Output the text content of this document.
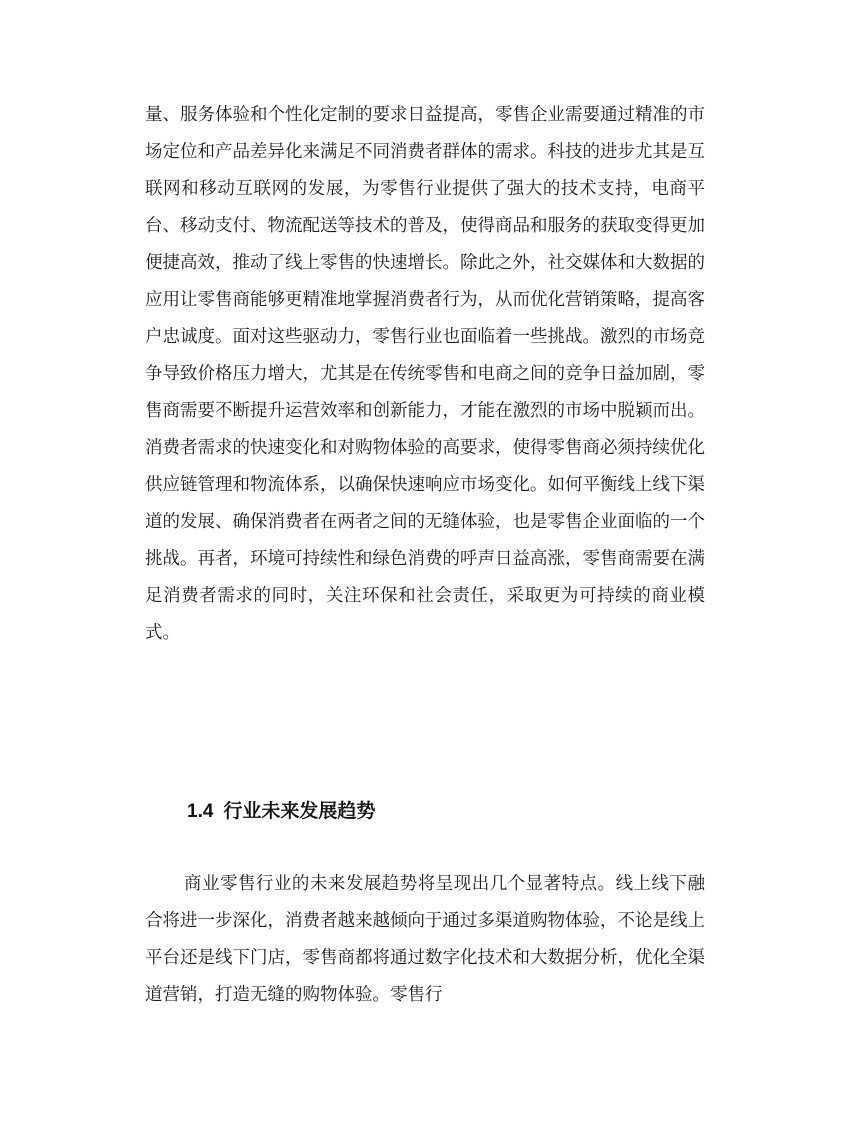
量、服务体验和个性化定制的要求日益提高，零售企业需要通过精准的市场定位和产品差异化来满足不同消费者群体的需求。科技的进步尤其是互联网和移动互联网的发展，为零售行业提供了强大的技术支持，电商平台、移动支付、物流配送等技术的普及，使得商品和服务的获取变得更加便捷高效，推动了线上零售的快速增长。除此之外，社交媒体和大数据的应用让零售商能够更精准地掌握消费者行为，从而优化营销策略，提高客户忠诚度。面对这些驱动力，零售行业也面临着一些挑战。激烈的市场竞争导致价格压力增大，尤其是在传统零售和电商之间的竞争日益加剧，零售商需要不断提升运营效率和创新能力，才能在激烈的市场中脱颖而出。消费者需求的快速变化和对购物体验的高要求，使得零售商必须持续优化供应链管理和物流体系，以确保快速响应市场变化。如何平衡线上线下渠道的发展、确保消费者在两者之间的无缝体验，也是零售企业面临的一个挑战。再者，环境可持续性和绿色消费的呼声日益高涨，零售商需要在满足消费者需求的同时，关注环保和社会责任，采取更为可持续的商业模式。

1.4 行业未来发展趋势

商业零售行业的未来发展趋势将呈现出几个显著特点。线上线下融合将进一步深化，消费者越来越倾向于通过多渠道购物体验，不论是线上平台还是线下门店，零售商都将通过数字化技术和大数据分析，优化全渠道营销，打造无缝的购物体验。零售行
